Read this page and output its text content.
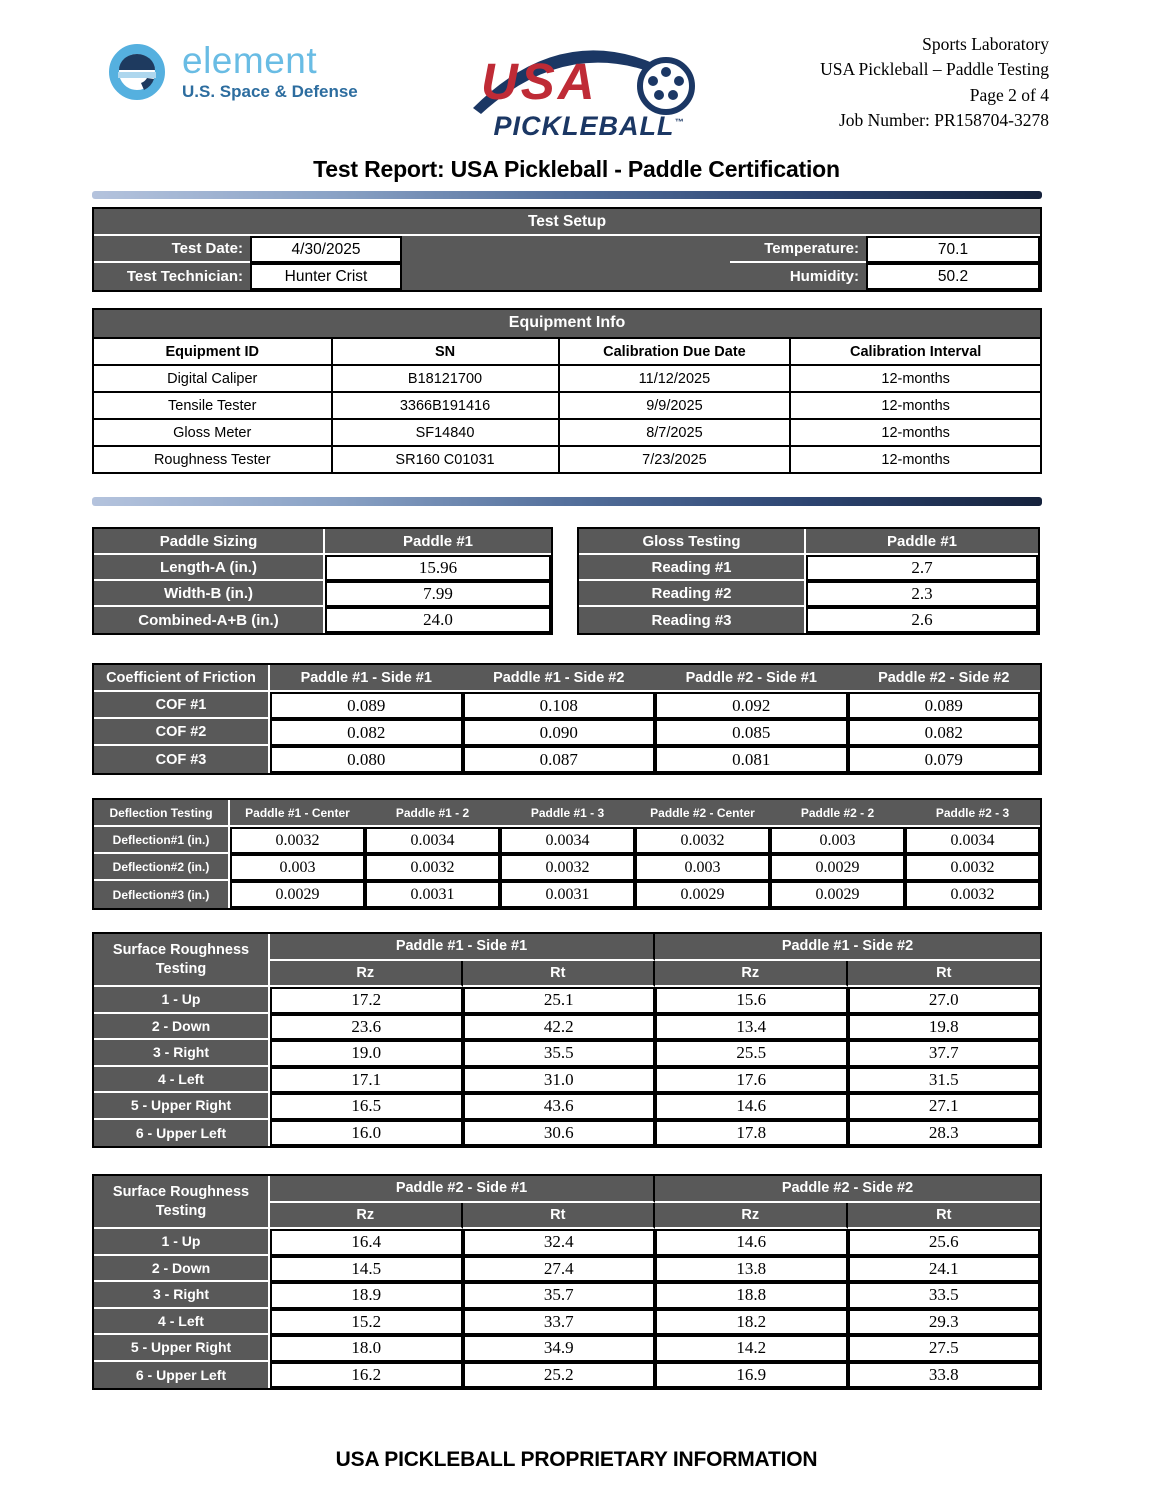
element
U.S. Space & Defense USA
PICKLEBALL™
Sports Laboratory
USA Pickleball – Paddle Testing
Page 2 of 4
Job Number: PR158704-3278
Test Report: USA Pickleball - Paddle Certification
Test Setup
Test Date:	4/30/2025	Temperature:	70.1
Test Technician:	Hunter Crist	Humidity:	50.2
Equipment Info
Equipment ID	SN	Calibration Due Date	Calibration Interval
Digital Caliper	B18121700	11/12/2025	12-months
Tensile Tester	3366B191416	9/9/2025	12-months
Gloss Meter	SF14840	8/7/2025	12-months
Roughness Tester	SR160 C01031	7/23/2025	12-months
Paddle Sizing	Paddle #1
Length-A (in.)	15.96
Width-B (in.)	7.99
Combined-A+B (in.)	24.0
Gloss Testing	Paddle #1
Reading #1	2.7
Reading #2	2.3
Reading #3	2.6
Coefficient of Friction	Paddle #1 - Side #1	Paddle #1 - Side #2	Paddle #2 - Side #1	Paddle #2 - Side #2
COF #1	0.089	0.108	0.092	0.089
COF #2	0.082	0.090	0.085	0.082
COF #3	0.080	0.087	0.081	0.079
Deflection Testing	Paddle #1 - Center	Paddle #1 - 2	Paddle #1 - 3	Paddle #2 - Center	Paddle #2 - 2	Paddle #2 - 3
Deflection#1 (in.)	0.0032	0.0034	0.0034	0.0032	0.003	0.0034
Deflection#2 (in.)	0.003	0.0032	0.0032	0.003	0.0029	0.0032
Deflection#3 (in.)	0.0029	0.0031	0.0031	0.0029	0.0029	0.0032
Surface Roughness Testing
Paddle #1 - Side #1	Paddle #1 - Side #2
Rz	Rt	Rz	Rt
1 - Up	17.2	25.1	15.6	27.0
2 - Down	23.6	42.2	13.4	19.8
3 - Right	19.0	35.5	25.5	37.7
4 - Left	17.1	31.0	17.6	31.5
5 - Upper Right	16.5	43.6	14.6	27.1
6 - Upper Left	16.0	30.6	17.8	28.3
Surface Roughness Testing
Paddle #2 - Side #1	Paddle #2 - Side #2
Rz	Rt	Rz	Rt
1 - Up	16.4	32.4	14.6	25.6
2 - Down	14.5	27.4	13.8	24.1
3 - Right	18.9	35.7	18.8	33.5
4 - Left	15.2	33.7	18.2	29.3
5 - Upper Right	18.0	34.9	14.2	27.5
6 - Upper Left	16.2	25.2	16.9	33.8
USA PICKLEBALL PROPRIETARY INFORMATION
